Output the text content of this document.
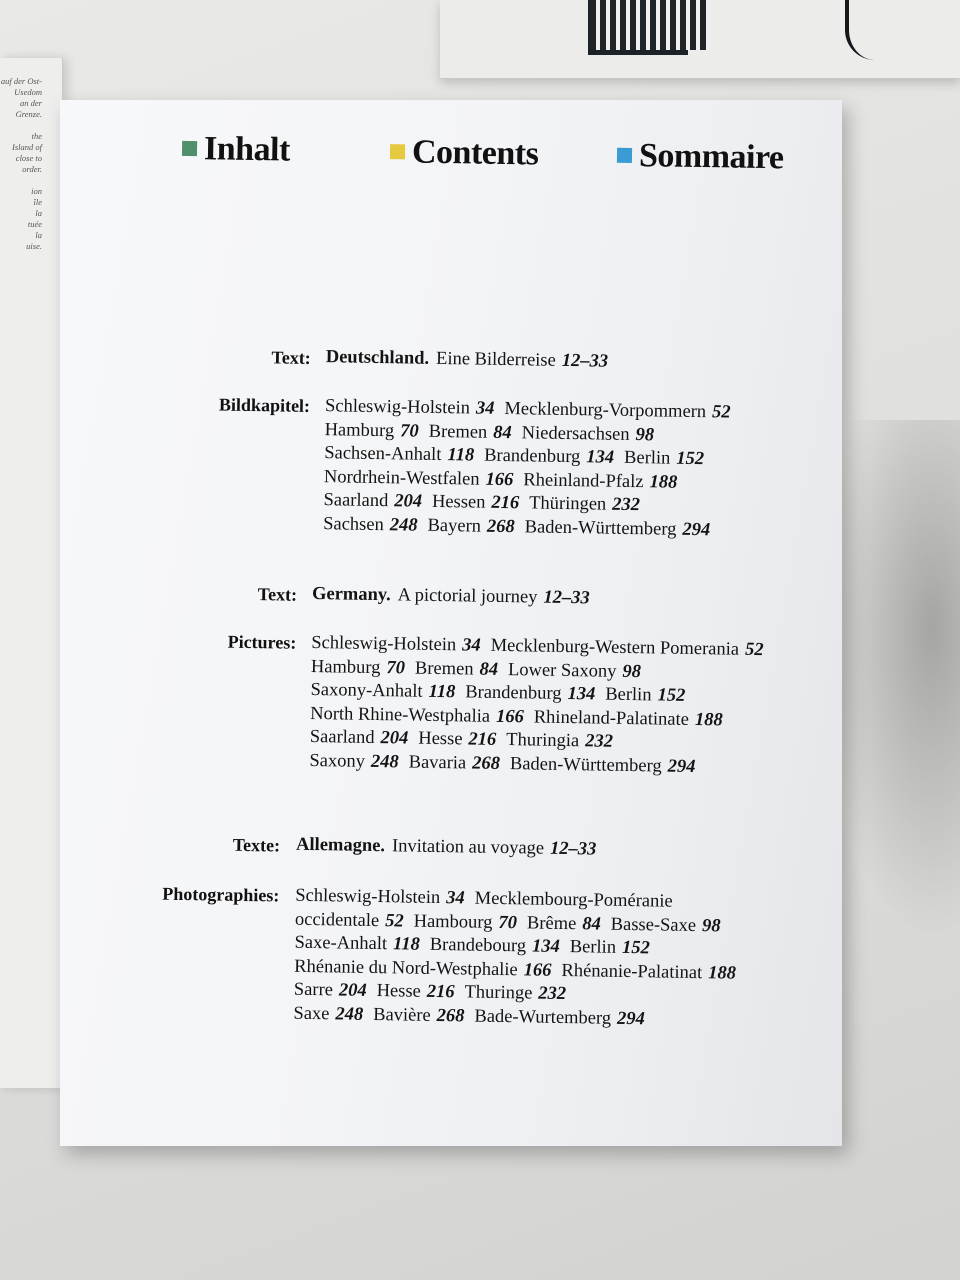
auf der Ost-
Usedom
an der
Grenze.

the
Island of
close to
order.

ion
île
la
tuée
la
uise.
Inhalt	Contents	Sommaire
Text: Deutschland. Eine Bilderreise 12–33
Bildkapitel: Schleswig-Holstein 34 Mecklenburg-Vorpommern 52
Hamburg 70 Bremen 84 Niedersachsen 98
Sachsen-Anhalt 118 Brandenburg 134 Berlin 152
Nordrhein-Westfalen 166 Rheinland-Pfalz 188
Saarland 204 Hessen 216 Thüringen 232
Sachsen 248 Bayern 268 Baden-Württemberg 294
Text: Germany. A pictorial journey 12–33
Pictures: Schleswig-Holstein 34 Mecklenburg-Western Pomerania 52
Hamburg 70 Bremen 84 Lower Saxony 98
Saxony-Anhalt 118 Brandenburg 134 Berlin 152
North Rhine-Westphalia 166 Rhineland-Palatinate 188
Saarland 204 Hesse 216 Thuringia 232
Saxony 248 Bavaria 268 Baden-Württemberg 294
Texte: Allemagne. Invitation au voyage 12–33
Photographies: Schleswig-Holstein 34 Mecklembourg-Poméranie
occidentale 52 Hambourg 70 Brême 84 Basse-Saxe 98
Saxe-Anhalt 118 Brandebourg 134 Berlin 152
Rhénanie du Nord-Westphalie 166 Rhénanie-Palatinat 188
Sarre 204 Hesse 216 Thuringe 232
Saxe 248 Bavière 268 Bade-Wurtemberg 294
